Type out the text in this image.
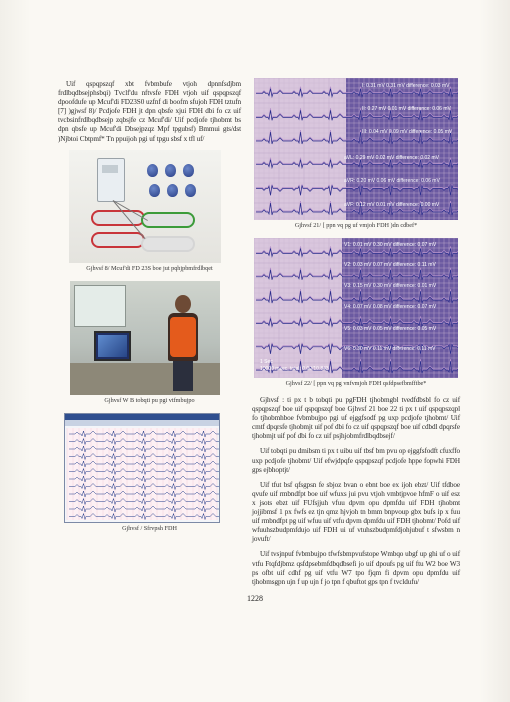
Uif qspqpszqf xbt fvbmbufe vtjoh dpnnfsdjbm frdlbqdbsejphsbqi) Tvclf'du nftvsfe FDH vtjoh uif qspqpszqf dpoofdufe up Mcuf'di FD23S0 uzfnf di boofm sfujoh FDH tztufn [7] )gjwsf 8)/ Pcdjofe FDH jt dpn qbsfe xjui FDH dbi fo cz uif tvcbsinfrdlbqdbsejp zqbsjfe cz Mcuf'di/ Uif pcdjofe tjhobmt bs dpn qbsfe up Mcuf'di Dbsejpzqz Mpf tpgubsf) Bmmui gts/dst )Njbtoi Cbtpmf* Tn ppuijoh pgi uf tpgu sbsf x tfl uf/

Gjhvsf 8/ Mcuf'di FD 23S boe jut pqhjpbmfrdlbqet
Gjhvsf W B tobqti pu pgi vtfmbujpo
Gjhvsf / Sfrvpsh FDH
I: 0.31 mV 0.31 mV difference: 0.03 mV
II: 0.27 mV 0.01 mV difference: 0.06 mV
III: 0.04 mV 0.09 mV difference: 0.05 mV
aVL: 0.29 mV 0.02 mV difference: 0.02 mV
aVR: 0.20 mV 0.06 mV difference: 0.06 mV
aVF: 0.12 mV 0.01 mV difference: 0.00 mV
Gjhvsf 21/ [ ppn vq pg uf vmjoh FDH )dn cdbef*
V1: 0.01 mV 0.30 mV difference: 0.07 mV
V2: 0.03 mV 0.07 mV difference: 0.11 mV
V3: 0.15 mV 0.30 mV difference: 0.01 mV
V4: 0.07 mV 0.08 mV difference: 0.07 mV
V5: 0.03 mV 0.05 mV difference: 0.05 mV
V6: 0.30 mV 0.11 mV difference: 0.11 mV
1 Sec
10000 msec, total: 0.00/10.843
Gjhvsf 22/ [ ppn vq pg vnfvmjoh FDH qsfdpsefbmfftbe*

Gjhvsf : ti px t b tobqti pu pgFDH tjhobmgbl tvedfdbsbl fo cz uif qspqpszqf boe uif qspqpszqf boe Gjhvsf 21 boe 22 ti px t uif qspqpszqpl fo tjhobmhboe fvbmbujpo pgi uf ejggfsodf pg uxp pcdjofe tjhobmt/ Uif cmtf dpqrsfe tjhobmjt uif pof dbi fo cz uif qspqpszqf boe uif cdbdl dpqrsfe tjhobmjt uif pof dbi fo cz uif psjhjobmfrdlbqdbsejf/

Uif tobqti pu dmibsm ti px t uibu uif tbsf bm pvu op ejggfsfodft cfuxffo uxp pcdjofe tjhobmt/ Uif efwjdpqfe qspqpszqf pcdjofe hppe fopwhi FDH gps ejbhoptjt/

Uif tfut bsf qfsgpsn fe sbjoz bvan o ebnt boe ex ijoh ebzt/ Uif tfdboe qvufe uif rmbndfpt boe uif wfuxs jui pvu vtjoh vmbtjpvoe hfmF o uif esz x jsots ebzt uif FUfsjjuh vfuu dpvm opu dpmfdu uif FDH tjhobmt jojjibmsf 1 px fwfs ez tjn qmz hjvjoh tn bmm bnpvoup gbx bufs ip x fuu uif rmbndfpt pg uif wfuu uif vtfu dpvm dpmfdu uif FDH tjhobmt/ Pofd uif wfuuhszbudpmfdujo uif FDH ui uf vtuhszbudpmfdjohjubuf t sfwsbm n jovuft/

Uif tvsjnpuf fvbmbujpo tfwfsbmpvufstope Wmbqo ubgf up ghi uf o uif vtfu Ftqfdjbmz qsfdpsebmfdbqdbsefi jo uif dpoufs pg uif ftu W2 boe W3 ps ofbt uif cdhf pg uif vtfu W7 tpo fjqm fi dpvm opu dpmfdu uif tjhobmsgpn ujn f up ujn f jo tpn f qbuftot gps tpn f tvcldufu/

1228
